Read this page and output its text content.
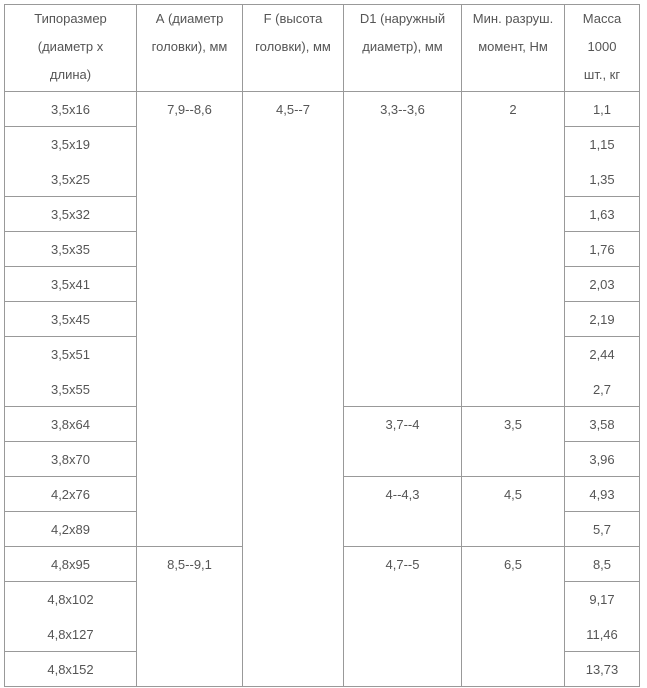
Типоразмер (диаметр х длина)	А (диаметр головки), мм	F (высота головки), мм	D1 (наружный диаметр), мм	Мин. разруш. момент, Нм	Масса 1000 шт., кг
3,5x16	7,9--8,6	4,5--7	3,3--3,6	2	1,1
3,5x19					1,15
3,5x25					1,35
3,5x32					1,63
3,5x35					1,76
3,5x41					2,03
3,5x45					2,19
3,5x51					2,44
3,5x55					2,7
3,8x64			3,7--4	3,5	3,58
3,8x70					3,96
4,2x76			4--4,3	4,5	4,93
4,2x89					5,7
4,8x95	8,5--9,1		4,7--5	6,5	8,5
4,8x102					9,17
4,8x127					11,46
4,8x152					13,73
